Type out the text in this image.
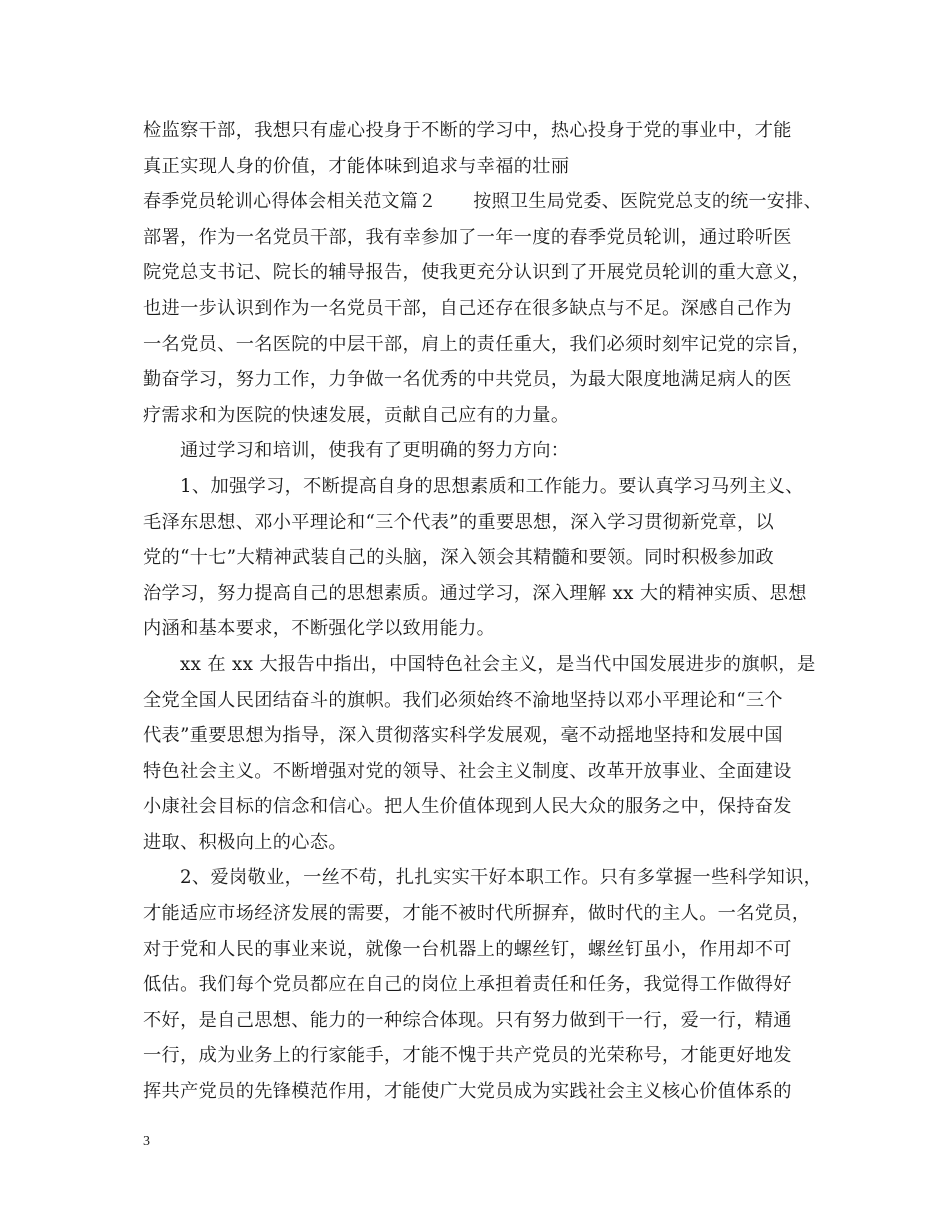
检监察干部，我想只有虚心投身于不断的学习中，热心投身于党的事业中，才能
真正实现人身的价值，才能体味到追求与幸福的壮丽
春季党员轮训心得体会相关范文篇２　　按照卫生局党委、医院党总支的统一安排、
部署，作为一名党员干部，我有幸参加了一年一度的春季党员轮训，通过聆听医
院党总支书记、院长的辅导报告，使我更充分认识到了开展党员轮训的重大意义，
也进一步认识到作为一名党员干部，自己还存在很多缺点与不足。深感自己作为
一名党员、一名医院的中层干部，肩上的责任重大，我们必须时刻牢记党的宗旨，
勤奋学习，努力工作，力争做一名优秀的中共党员，为最大限度地满足病人的医
疗需求和为医院的快速发展，贡献自己应有的力量。
通过学习和培训，使我有了更明确的努力方向：
1、加强学习，不断提高自身的思想素质和工作能力。要认真学习马列主义、
毛泽东思想、邓小平理论和“三个代表”的重要思想，深入学习贯彻新党章，以
党的“十七”大精神武装自己的头脑，深入领会其精髓和要领。同时积极参加政
治学习，努力提高自己的思想素质。通过学习，深入理解 xx 大的精神实质、思想
内涵和基本要求，不断强化学以致用能力。
xx 在 xx 大报告中指出，中国特色社会主义，是当代中国发展进步的旗帜，是
全党全国人民团结奋斗的旗帜。我们必须始终不渝地坚持以邓小平理论和“三个
代表”重要思想为指导，深入贯彻落实科学发展观，毫不动摇地坚持和发展中国
特色社会主义。不断增强对党的领导、社会主义制度、改革开放事业、全面建设
小康社会目标的信念和信心。把人生价值体现到人民大众的服务之中，保持奋发
进取、积极向上的心态。
2、爱岗敬业，一丝不苟，扎扎实实干好本职工作。只有多掌握一些科学知识，
才能适应市场经济发展的需要，才能不被时代所摒弃，做时代的主人。一名党员，
对于党和人民的事业来说，就像一台机器上的螺丝钉，螺丝钉虽小，作用却不可
低估。我们每个党员都应在自己的岗位上承担着责任和任务，我觉得工作做得好
不好，是自己思想、能力的一种综合体现。只有努力做到干一行，爱一行，精通
一行，成为业务上的行家能手，才能不愧于共产党员的光荣称号，才能更好地发
挥共产党员的先锋模范作用，才能使广大党员成为实践社会主义核心价值体系的
3
